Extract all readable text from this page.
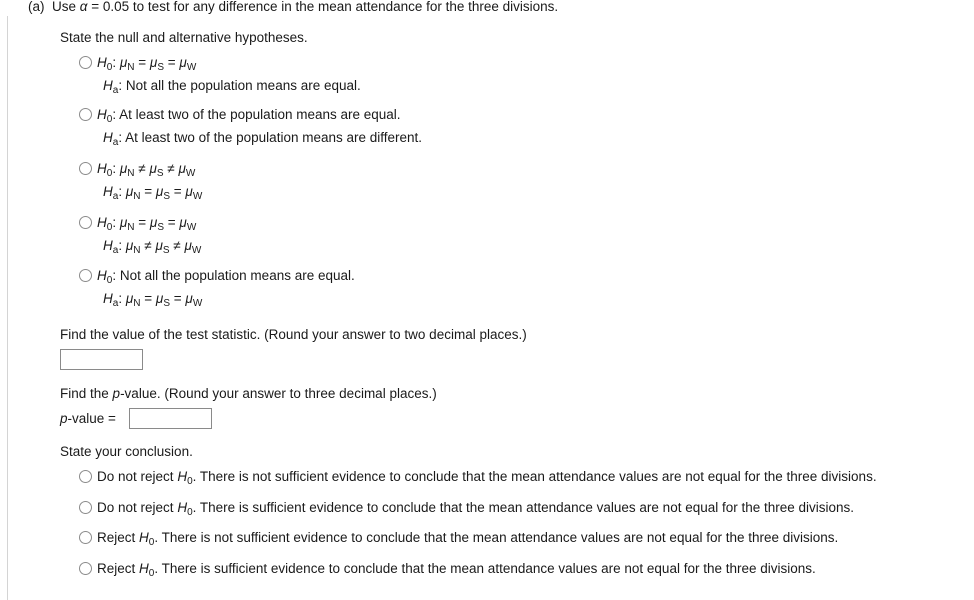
(a) Use α = 0.05 to test for any difference in the mean attendance for the three divisions.
State the null and alternative hypotheses.
$H_0$: $\mu_N = \mu_S = \mu_W$
$H_a$: Not all the population means are equal.
$H_0$: At least two of the population means are equal.
$H_a$: At least two of the population means are different.
$H_0$: $\mu_N \ne \mu_S \ne \mu_W$
$H_a$: $\mu_N = \mu_S = \mu_W$
$H_0$: $\mu_N = \mu_S = \mu_W$
$H_a$: $\mu_N \ne \mu_S \ne \mu_W$
$H_0$: Not all the population means are equal.
$H_a$: $\mu_N = \mu_S = \mu_W$
Find the value of the test statistic. (Round your answer to two decimal places.)
Find the p-value. (Round your answer to three decimal places.)
p-value =
State your conclusion.
Do not reject $H_0$. There is not sufficient evidence to conclude that the mean attendance values are not equal for the three divisions.
Do not reject $H_0$. There is sufficient evidence to conclude that the mean attendance values are not equal for the three divisions.
Reject $H_0$. There is not sufficient evidence to conclude that the mean attendance values are not equal for the three divisions.
Reject $H_0$. There is sufficient evidence to conclude that the mean attendance values are not equal for the three divisions.
